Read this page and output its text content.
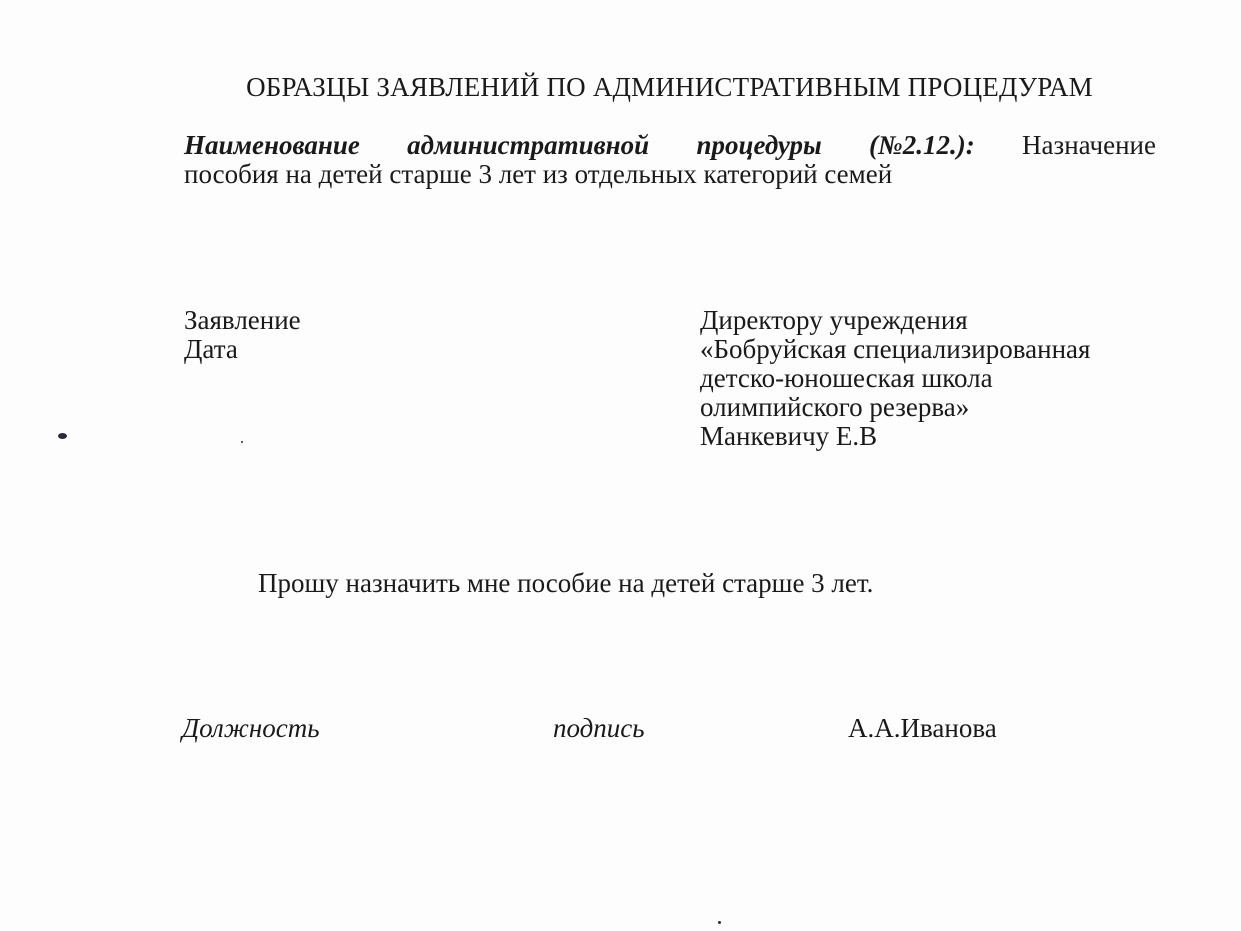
ОБРАЗЦЫ ЗАЯВЛЕНИЙ ПО АДМИНИСТРАТИВНЫМ ПРОЦЕДУРАМ
Наименование административной процедуры (№2.12.): Назначение
пособия на детей старше 3 лет из отдельных категорий семей
Заявление
Дата
Директору учреждения
«Бобруйская специализированная
детско-юношеская школа
олимпийского резерва»
Манкевичу Е.В
Прошу назначить мне пособие на детей старше 3 лет.
Должность	подпись	А.А.Иванова
